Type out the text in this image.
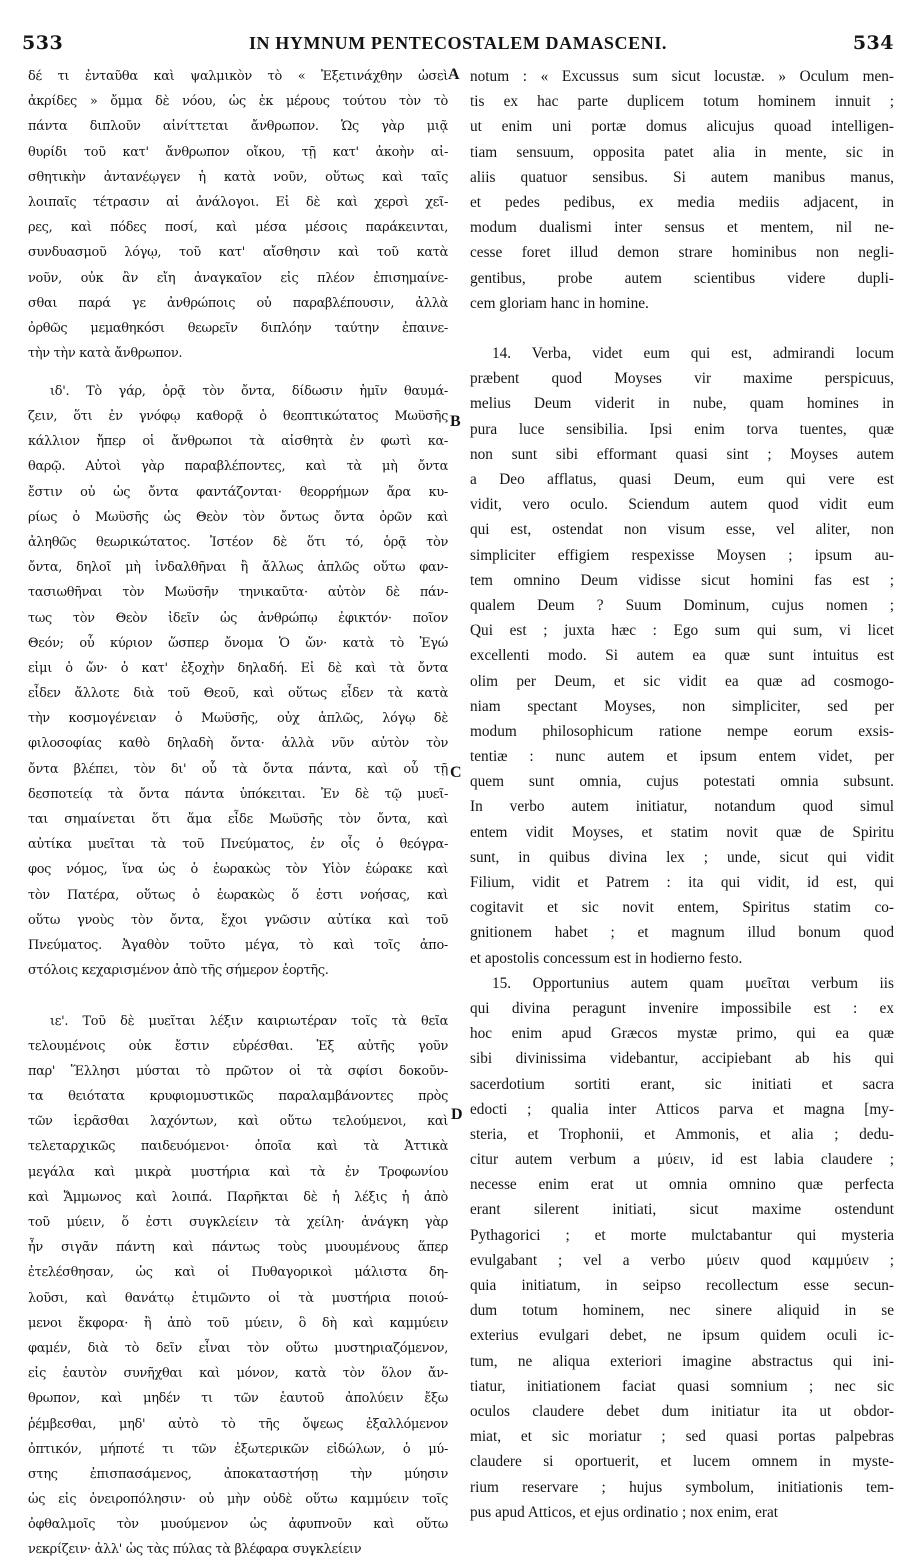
533	IN HYMNUM PENTECOSTALEM DAMASCENI.	534
δέ τι ἐνταῦθα καὶ ψαλμικὸν τὸ « Ἐξετινάχθην ὡσεὶ
ἀκρίδες » ὄμμα δὲ νόου, ὡς ἐκ μέρους τούτου τὸν τὸ
πάντα διπλοῦν αἰνίττεται ἄνθρωπον. Ὡς γὰρ μιᾷ
θυρίδι τοῦ κατ' ἄνθρωπον οἴκου, τῇ κατ' ἀκοὴν αἰ-
σθητικὴν ἀντανέῳγεν ἡ κατὰ νοῦν, οὕτως καὶ ταῖς
λοιπαῖς τέτρασιν αἱ ἀνάλογοι. Εἰ δὲ καὶ χερσὶ χεῖ-
ρες, καὶ πόδες ποσί, καὶ μέσα μέσοις παράκεινται,
συνδυασμοῦ λόγῳ, τοῦ κατ' αἴσθησιν καὶ τοῦ κατὰ
νοῦν, οὐκ ἂν εἴη ἀναγκαῖον εἰς πλέον ἐπισημαίνε-
σθαι παρά γε ἀνθρώποις οὐ παραβλέπουσιν, ἀλλὰ
ὀρθῶς μεμαθηκόσι θεωρεῖν διπλόην ταύτην ἐπαινε-
τὴν τὴν κατὰ ἄνθρωπον.
ιδ'. Τὸ γάρ, ὁρᾷ τὸν ὄντα, δίδωσιν ἡμῖν θαυμά-
ζειν, ὅτι ἐν γνόφῳ καθορᾷ ὁ θεοπτικώτατος Μωϋσῆς
κάλλιον ἤπερ οἱ ἄνθρωποι τὰ αἰσθητὰ ἐν φωτὶ κα-
θαρῷ. Αὐτοὶ γὰρ παραβλέποντες, καὶ τὰ μὴ ὄντα
ἔστιν οὐ ὡς ὄντα φαντάζονται· θεορρήμων ἄρα κυ-
ρίως ὁ Μωϋσῆς ὡς Θεὸν τὸν ὄντως ὄντα ὁρῶν καὶ
ἀληθῶς θεωρικώτατος. Ἰστέον δὲ ὅτι τό, ὁρᾷ τὸν
ὄντα, δηλοῖ μὴ ἰνδαλθῆναι ἢ ἄλλως ἁπλῶς οὕτω φαν-
τασιωθῆναι τὸν Μωϋσῆν τηνικαῦτα· αὐτὸν δὲ πάν-
τως τὸν Θεὸν ἰδεῖν ὡς ἀνθρώπῳ ἐφικτόν· ποῖον
Θεόν; οὗ κύριον ὥσπερ ὄνομα Ὁ ὤν· κατὰ τὸ Ἐγώ
εἰμι ὁ ὤν· ὁ κατ' ἐξοχὴν δηλαδή. Εἰ δὲ καὶ τὰ ὄντα
εἶδεν ἄλλοτε διὰ τοῦ Θεοῦ, καὶ οὕτως εἶδεν τὰ κατὰ
τὴν κοσμογένειαν ὁ Μωϋσῆς, οὐχ ἁπλῶς, λόγῳ δὲ
φιλοσοφίας καθὸ δηλαδὴ ὄντα· ἀλλὰ νῦν αὐτὸν τὸν
ὄντα βλέπει, τὸν δι' οὗ τὰ ὄντα πάντα, καὶ οὗ τῇ
δεσποτείᾳ τὰ ὄντα πάντα ὑπόκειται. Ἐν δὲ τῷ μυεῖ-
ται σημαίνεται ὅτι ἅμα εἶδε Μωϋσῆς τὸν ὄντα, καὶ
αὐτίκα μυεῖται τὰ τοῦ Πνεύματος, ἐν οἷς ὁ θεόγρα-
φος νόμος, ἵνα ὡς ὁ ἑωρακὼς τὸν Υἱὸν ἑώρακε καὶ
τὸν Πατέρα, οὕτως ὁ ἑωρακὼς ὅ ἐστι νοήσας, καὶ
οὕτω γνοὺς τὸν ὄντα, ἔχοι γνῶσιν αὐτίκα καὶ τοῦ
Πνεύματος. Ἀγαθὸν τοῦτο μέγα, τὸ καὶ τοῖς ἀπο-
στόλοις κεχαρισμένον ἀπὸ τῆς σήμερον ἑορτῆς.
ιε'. Τοῦ δὲ μυεῖται λέξιν καιριωτέραν τοῖς τὰ θεῖα
τελουμένοις οὐκ ἔστιν εὑρέσθαι. Ἐξ αὐτῆς γοῦν
παρ' Ἕλλησι μύσται τὸ πρῶτον οἱ τὰ σφίσι δοκοῦν-
τα θειότατα κρυφιομυστικῶς παραλαμβάνοντες πρὸς
τῶν ἱερᾶσθαι λαχόντων, καὶ οὕτω τελούμενοι, καὶ
τελεταρχικῶς παιδευόμενοι· ὁποῖα καὶ τὰ Ἀττικὰ
μεγάλα καὶ μικρὰ μυστήρια καὶ τὰ ἐν Τροφωνίου
καὶ Ἄμμωνος καὶ λοιπά. Παρῆκται δὲ ἡ λέξις ἡ ἀπὸ
τοῦ μύειν, ὅ ἐστι συγκλείειν τὰ χείλη· ἀνάγκη γὰρ
ἦν σιγᾶν πάντη καὶ πάντως τοὺς μυουμένους ἅπερ
ἐτελέσθησαν, ὡς καὶ οἱ Πυθαγορικοὶ μάλιστα δη-
λοῦσι, καὶ θανάτῳ ἐτιμῶντο οἱ τὰ μυστήρια ποιού-
μενοι ἔκφορα· ἢ ἀπὸ τοῦ μύειν, ὃ δὴ καὶ καμμύειν
φαμέν, διὰ τὸ δεῖν εἶναι τὸν οὕτω μυστηριαζόμενον,
εἰς ἑαυτὸν συνῆχθαι καὶ μόνον, κατὰ τὸν ὅλον ἄν-
θρωπον, καὶ μηδέν τι τῶν ἑαυτοῦ ἀπολύειν ἔξω
ῥέμβεσθαι, μηδ' αὐτὸ τὸ τῆς ὄψεως ἐξαλλόμενον
ὀπτικόν, μήποτέ τι τῶν ἐξωτερικῶν εἰδώλων, ὁ μύ-
στης ἐπισπασάμενος, ἀποκαταστήσῃ τὴν μύησιν
ὡς εἰς ὀνειροπόλησιν· οὐ μὴν οὐδὲ οὕτω καμμύειν τοῖς
ὀφθαλμοῖς τὸν μυούμενον ὡς ἀφυπνοῦν καὶ οὕτω
νεκρίζειν· ἀλλ' ὡς τὰς πύλας τὰ βλέφαρα συγκλείειν
notum : « Excussus sum sicut locustæ. » Oculum men-
tis ex hac parte duplicem totum hominem innuit ;
ut enim uni portæ domus alicujus quoad intelligen-
tiam sensuum, opposita patet alia in mente, sic in
aliis quatuor sensibus. Si autem manibus manus,
et pedes pedibus, ex media mediis adjacent, in
modum dualismi inter sensus et mentem, nil ne-
cesse foret illud demon strare hominibus non negli-
gentibus, probe autem scientibus videre dupli-
cem gloriam hanc in homine.
14. Verba, videt eum qui est, admirandi locum
præbent quod Moyses vir maxime perspicuus,
melius Deum viderit in nube, quam homines in
pura luce sensibilia. Ipsi enim torva tuentes, quæ
non sunt sibi efformant quasi sint ; Moyses autem
a Deo afflatus, quasi Deum, eum qui vere est
vidit, vero oculo. Sciendum autem quod vidit eum
qui est, ostendat non visum esse, vel aliter, non
simpliciter effigiem respexisse Moysen ; ipsum au-
tem omnino Deum vidisse sicut homini fas est ;
qualem Deum ? Suum Dominum, cujus nomen ;
Qui est ; juxta hæc : Ego sum qui sum, vi licet
excellenti modo. Si autem ea quæ sunt intuitus est
olim per Deum, et sic vidit ea quæ ad cosmogo-
niam spectant Moyses, non simpliciter, sed per
modum philosophicum ratione nempe eorum exsis-
tentiæ : nunc autem et ipsum entem videt, per
quem sunt omnia, cujus potestati omnia subsunt.
In verbo autem initiatur, notandum quod simul
entem vidit Moyses, et statim novit quæ de Spiritu
sunt, in quibus divina lex ; unde, sicut qui vidit
Filium, vidit et Patrem : ita qui vidit, id est, qui
cogitavit et sic novit entem, Spiritus statim co-
gnitionem habet ; et magnum illud bonum quod
et apostolis concessum est in hodierno festo.
15. Opportunius autem quam μυεῖται verbum iis
qui divina peragunt invenire impossibile est : ex
hoc enim apud Græcos mystæ primo, qui ea quæ
sibi divinissima videbantur, accipiebant ab his qui
sacerdotium sortiti erant, sic initiati et sacra
edocti ; qualia inter Atticos parva et magna [my-
steria, et Trophonii, et Ammonis, et alia ; dedu-
citur autem verbum a μύειν, id est labia claudere ;
necesse enim erat ut omnia omnino quæ perfecta
erant silerent initiati, sicut maxime ostendunt
Pythagorici ; et morte mulctabantur qui mysteria
evulgabant ; vel a verbo μύειν quod καμμύειν ;
quia initiatum, in seipso recollectum esse secun-
dum totum hominem, nec sinere aliquid in se
exterius evulgari debet, ne ipsum quidem oculi ic-
tum, ne aliqua exteriori imagine abstractus qui ini-
tiatur, initiationem faciat quasi somnium ; nec sic
oculos claudere debet dum initiatur ita ut obdor-
miat, et sic moriatur ; sed quasi portas palpebras
claudere si oportuerit, et lucem omnem in myste-
rium reservare ; hujus symbolum, initiationis tem-
pus apud Atticos, et ejus ordinatio ; nox enim, erat
A
B
C
D
